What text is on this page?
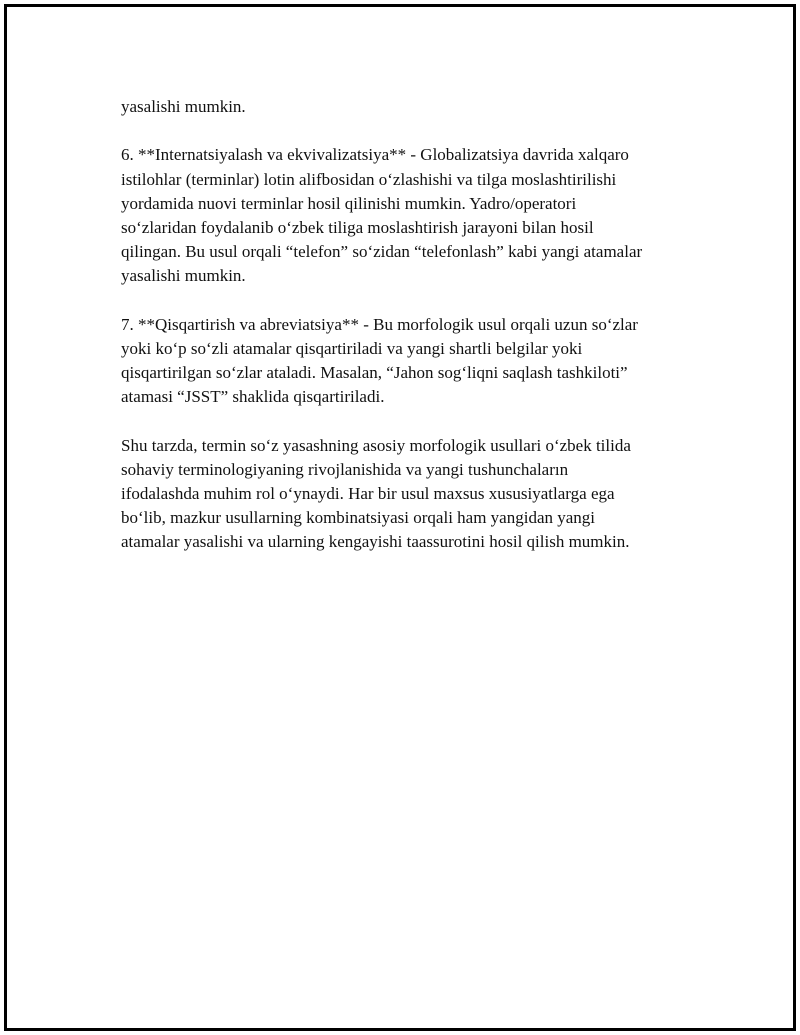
yasalishi mumkin.

6. **Internatsiyalash va ekvivalizatsiya** - Globalizatsiya davrida xalqaro
istilohlar (terminlar) lotin alifbosidan o‘zlashishi va tilga moslashtirilishi
yordamida nuovi terminlar hosil qilinishi mumkin. Yadro/operatori
so‘zlaridan foydalanib o‘zbek tiliga moslashtirish jarayoni bilan hosil
qilingan. Bu usul orqali “telefon” so‘zidan “telefonlash” kabi yangi atamalar
yasalishi mumkin.

7. **Qisqartirish va abreviatsiya** - Bu morfologik usul orqali uzun so‘zlar
yoki ko‘p so‘zli atamalar qisqartiriladi va yangi shartli belgilar yoki
qisqartirilgan so‘zlar ataladi. Masalan, “Jahon sog‘liqni saqlash tashkiloti”
atamasi “JSST” shaklida qisqartiriladi.

Shu tarzda, termin so‘z yasashning asosiy morfologik usullari o‘zbek tilida
sohaviy terminologiyaning rivojlanishida va yangi tushunchaların
ifodalashda muhim rol o‘ynaydi. Har bir usul maxsus xususiyatlarga ega
bo‘lib, mazkur usullarning kombinatsiyasi orqali ham yangidan yangi
atamalar yasalishi va ularning kengayishi taassurotini hosil qilish mumkin.
